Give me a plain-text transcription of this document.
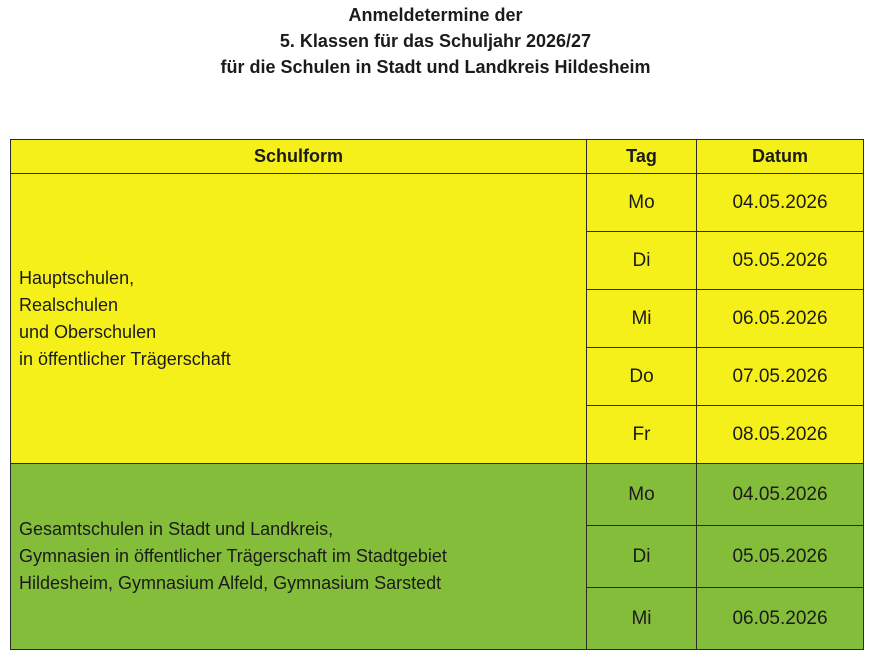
Anmeldetermine der
5. Klassen für das Schuljahr 2026/27
für die Schulen in Stadt und Landkreis Hildesheim
Schulform	Tag	Datum

Hauptschulen,
Realschulen
und Oberschulen
in öffentlicher Trägerschaft	Mo	04.05.2026
	Di	05.05.2026
	Mi	06.05.2026
	Do	07.05.2026
	Fr	08.05.2026

Gesamtschulen in Stadt und Landkreis,
Gymnasien in öffentlicher Trägerschaft im Stadtgebiet
Hildesheim, Gymnasium Alfeld, Gymnasium Sarstedt	Mo	04.05.2026
	Di	05.05.2026
	Mi	06.05.2026
